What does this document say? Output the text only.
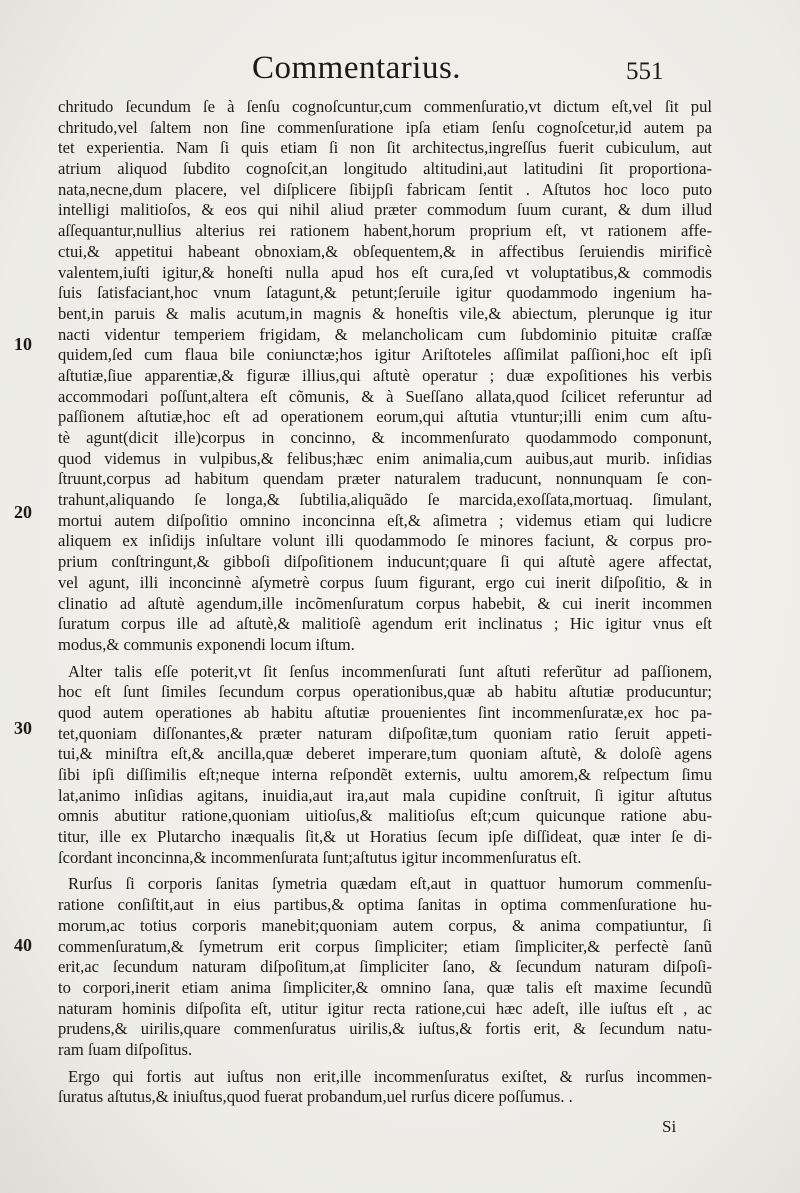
Commentarius.	551
10
20
30
40
chritudo ſecundum ſe à ſenſu cognoſcuntur,cum commenſuratio,vt dictum eſt,vel ſit pul
chritudo,vel ſaltem non ſine commenſuratione ipſa etiam ſenſu cognoſcetur,id autem pa
tet experientia. Nam ſi quis etiam ſi non ſit architectus,ingreſſus fuerit cubiculum, aut
atrium aliquod ſubdito cognoſcit,an longitudo altitudini,aut latitudini ſit proportiona-
nata,necne,dum placere, vel diſplicere ſibijpſi fabricam ſentit . Aſtutos hoc loco puto
intelligi malitioſos, & eos qui nihil aliud præter commodum ſuum curant, & dum illud
aſſequantur,nullius alterius rei rationem habent,horum proprium eſt, vt rationem affe-
ctui,& appetitui habeant obnoxiam,& obſequentem,& in affectibus ſeruiendis mirificè
valentem,iuſti igitur,& honeſti nulla apud hos eſt cura,ſed vt voluptatibus,& commodis
ſuis ſatisfaciant,hoc vnum ſatagunt,& petunt;ſeruile igitur quodammodo ingenium ha-
bent,in paruis & malis acutum,in magnis & honeſtis vile,& abiectum, plerunque ig itur
nacti videntur temperiem frigidam, & melancholicam cum ſubdominio pituitæ craſſæ
quidem,ſed cum flaua bile coniunctæ;hos igitur Ariſtoteles aſſimilat paſſioni,hoc eſt ipſi
aſtutiæ,ſiue apparentiæ,& figuræ illius,qui aſtutè operatur ; duæ expoſitiones his verbis
accommodari poſſunt,altera eſt cõmunis, & à Sueſſano allata,quod ſcilicet referuntur ad
paſſionem aſtutiæ,hoc eſt ad operationem eorum,qui aſtutia vtuntur;illi enim cum aſtu-
tè agunt(dicit ille)corpus in concinno, & incommenſurato quodammodo componunt,
quod videmus in vulpibus,& felibus;hæc enim animalia,cum auibus,aut murib. inſidias
ſtruunt,corpus ad habitum quendam præter naturalem traducunt, nonnunquam ſe con-
trahunt,aliquando ſe longa,& ſubtilia,aliquãdo ſe marcida,exoſſata,mortuaq. ſimulant,
mortui autem diſpoſitio omnino inconcinna eſt,& aſimetra ; videmus etiam qui ludicre
aliquem ex inſidijs inſultare volunt illi quodammodo ſe minores faciunt, & corpus pro-
prium conſtringunt,& gibboſi diſpoſitionem inducunt;quare ſi qui aſtutè agere affectat,
vel agunt, illi inconcinnè aſymetrè corpus ſuum figurant, ergo cui inerit diſpoſitio, & in
clinatio ad aſtutè agendum,ille incõmenſuratum corpus habebit, & cui inerit incommen
ſuratum corpus ille ad aſtutè,& malitioſè agendum erit inclinatus ; Hic igitur vnus eſt
modus,& communis exponendi locum iſtum.
Alter talis eſſe poterit,vt ſit ſenſus incommenſurati ſunt aſtuti referũtur ad paſſionem,
hoc eſt ſunt ſimiles ſecundum corpus operationibus,quæ ab habitu aſtutiæ producuntur;
quod autem operationes ab habitu aſtutiæ prouenientes ſint incommenſuratæ,ex hoc pa-
tet,quoniam diſſonantes,& præter naturam diſpoſitæ,tum quoniam ratio ſeruit appeti-
tui,& miniſtra eſt,& ancilla,quæ deberet imperare,tum quoniam aſtutè, & doloſè agens
ſibi ipſi diſſimilis eſt;neque interna reſpondẽt externis, uultu amorem,& reſpectum ſimu
lat,animo inſidias agitans, inuidia,aut ira,aut mala cupidine conſtruit, ſi igitur aſtutus
omnis abutitur ratione,quoniam uitioſus,& malitioſus eſt;cum quicunque ratione abu-
titur, ille ex Plutarcho inæqualis ſit,& ut Horatius ſecum ipſe diſſideat, quæ inter ſe di-
ſcordant inconcinna,& incommenſurata ſunt;aſtutus igitur incommenſuratus eſt.
Rurſus ſi corporis ſanitas ſymetria quædam eſt,aut in quattuor humorum commenſu-
ratione conſiſtit,aut in eius partibus,& optima ſanitas in optima commenſuratione hu-
morum,ac totius corporis manebit;quoniam autem corpus, & anima compatiuntur, ſi
commenſuratum,& ſymetrum erit corpus ſimpliciter; etiam ſimpliciter,& perfectè ſanũ
erit,ac ſecundum naturam diſpoſitum,at ſimpliciter ſano, & ſecundum naturam diſpoſi-
to corpori,inerit etiam anima ſimpliciter,& omnino ſana, quæ talis eſt maxime ſecundũ
naturam hominis diſpoſita eſt, utitur igitur recta ratione,cui hæc adeſt, ille iuſtus eſt , ac
prudens,& uirilis,quare commenſuratus uirilis,& iuſtus,& fortis erit, & ſecundum natu-
ram ſuam diſpoſitus.
Ergo qui fortis aut iuſtus non erit,ille incommenſuratus exiſtet, & rurſus incommen-
ſuratus aſtutus,& iniuſtus,quod fuerat probandum,uel rurſus dicere poſſumus. .
Si
